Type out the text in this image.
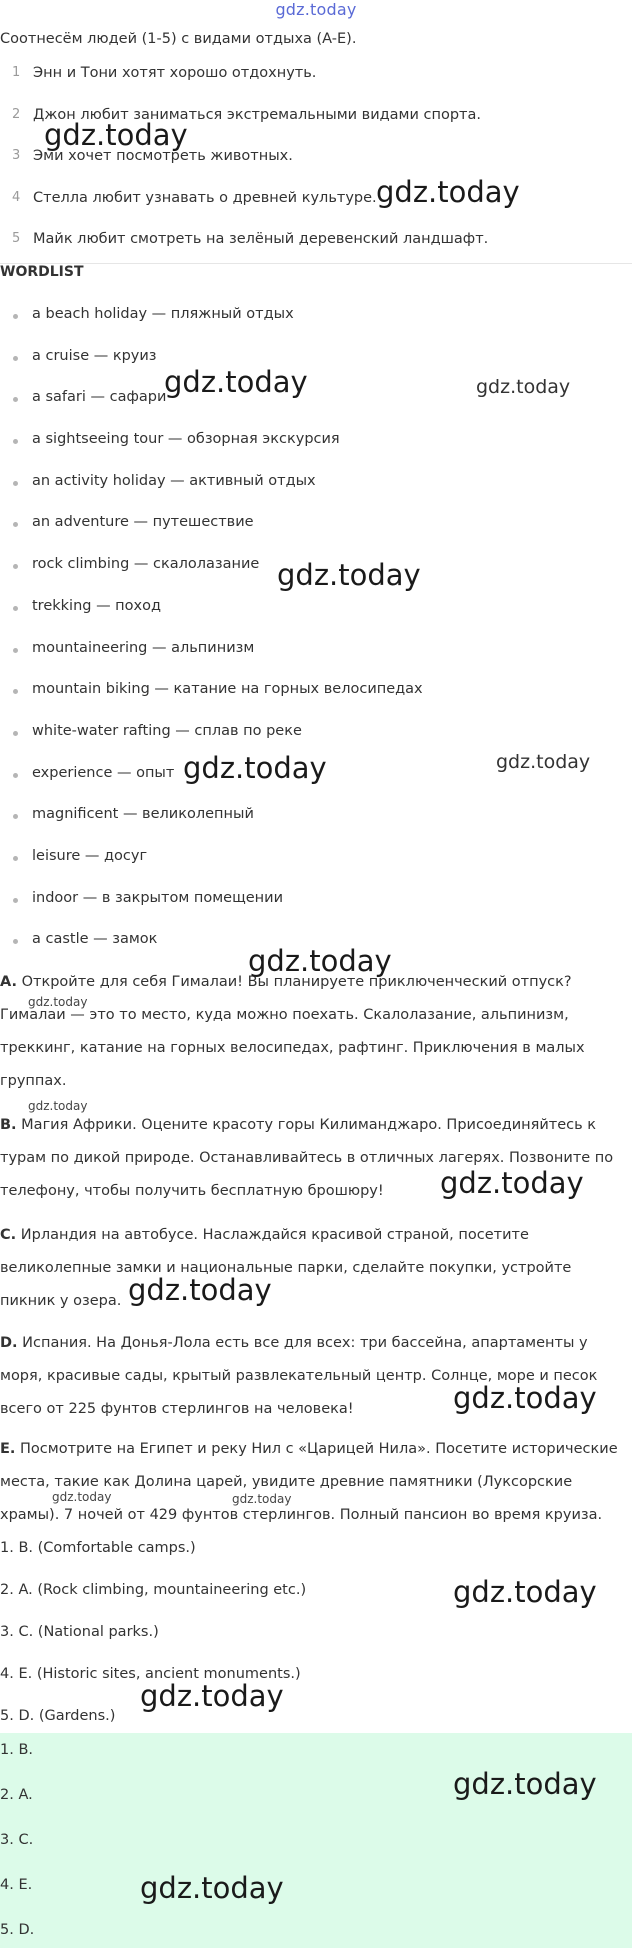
gdz.today
Соотнесём людей (1-5) с видами отдыха (A-E).
1 Энн и Тони хотят хорошо отдохнуть.
2 Джон любит заниматься экстремальными видами спорта.
3 Эми хочет посмотреть животных.
4 Стелла любит узнавать о древней культуре.
5 Майк любит смотреть на зелёный деревенский ландшафт.
WORDLIST
a beach holiday — пляжный отдых
a cruise — круиз
a safari — сафари
a sightseeing tour — обзорная экскурсия
an activity holiday — активный отдых
an adventure — путешествие
rock climbing — скалолазание
trekking — поход
mountaineering — альпинизм
mountain biking — катание на горных велосипедах
white-water rafting — сплав по реке
experience — опыт
magnificent — великолепный
leisure — досуг
indoor — в закрытом помещении
a castle — замок

A. Откройте для себя Гималаи! Вы планируете приключенческий отпуск? Гималаи — это то место, куда можно поехать. Скалолазание, альпинизм, треккинг, катание на горных велосипедах, рафтинг. Приключения в малых группах.

B. Магия Африки. Оцените красоту горы Килиманджаро. Присоединяйтесь к турам по дикой природе. Останавливайтесь в отличных лагерях. Позвоните по телефону, чтобы получить бесплатную брошюру!

C. Ирландия на автобусе. Наслаждайся красивой страной, посетите великолепные замки и национальные парки, сделайте покупки, устройте пикник у озера.

D. Испания. На Донья-Лола есть все для всех: три бассейна, апартаменты у моря, красивые сады, крытый развлекательный центр. Солнце, море и песок всего от 225 фунтов стерлингов на человека!

E. Посмотрите на Египет и реку Нил с «Царицей Нила». Посетите исторические места, такие как Долина царей, увидите древние памятники (Луксорские храмы). 7 ночей от 429 фунтов стерлингов. Полный пансион во время круиза.

1. B. (Comfortable camps.)
2. A. (Rock climbing, mountaineering etc.)
3. C. (National parks.)
4. E. (Historic sites, ancient monuments.)
5. D. (Gardens.)
1. B.
2. A.
3. C.
4. E.
5. D.
gdz.today
gdz.today
gdz.today	gdz.today
gdz.today
gdz.today	gdz.today
gdz.today
gdz.today
gdz.today
gdz.today
gdz.today
gdz.today
gdz.today	gdz.today
gdz.today
gdz.today
gdz.today
gdz.today
